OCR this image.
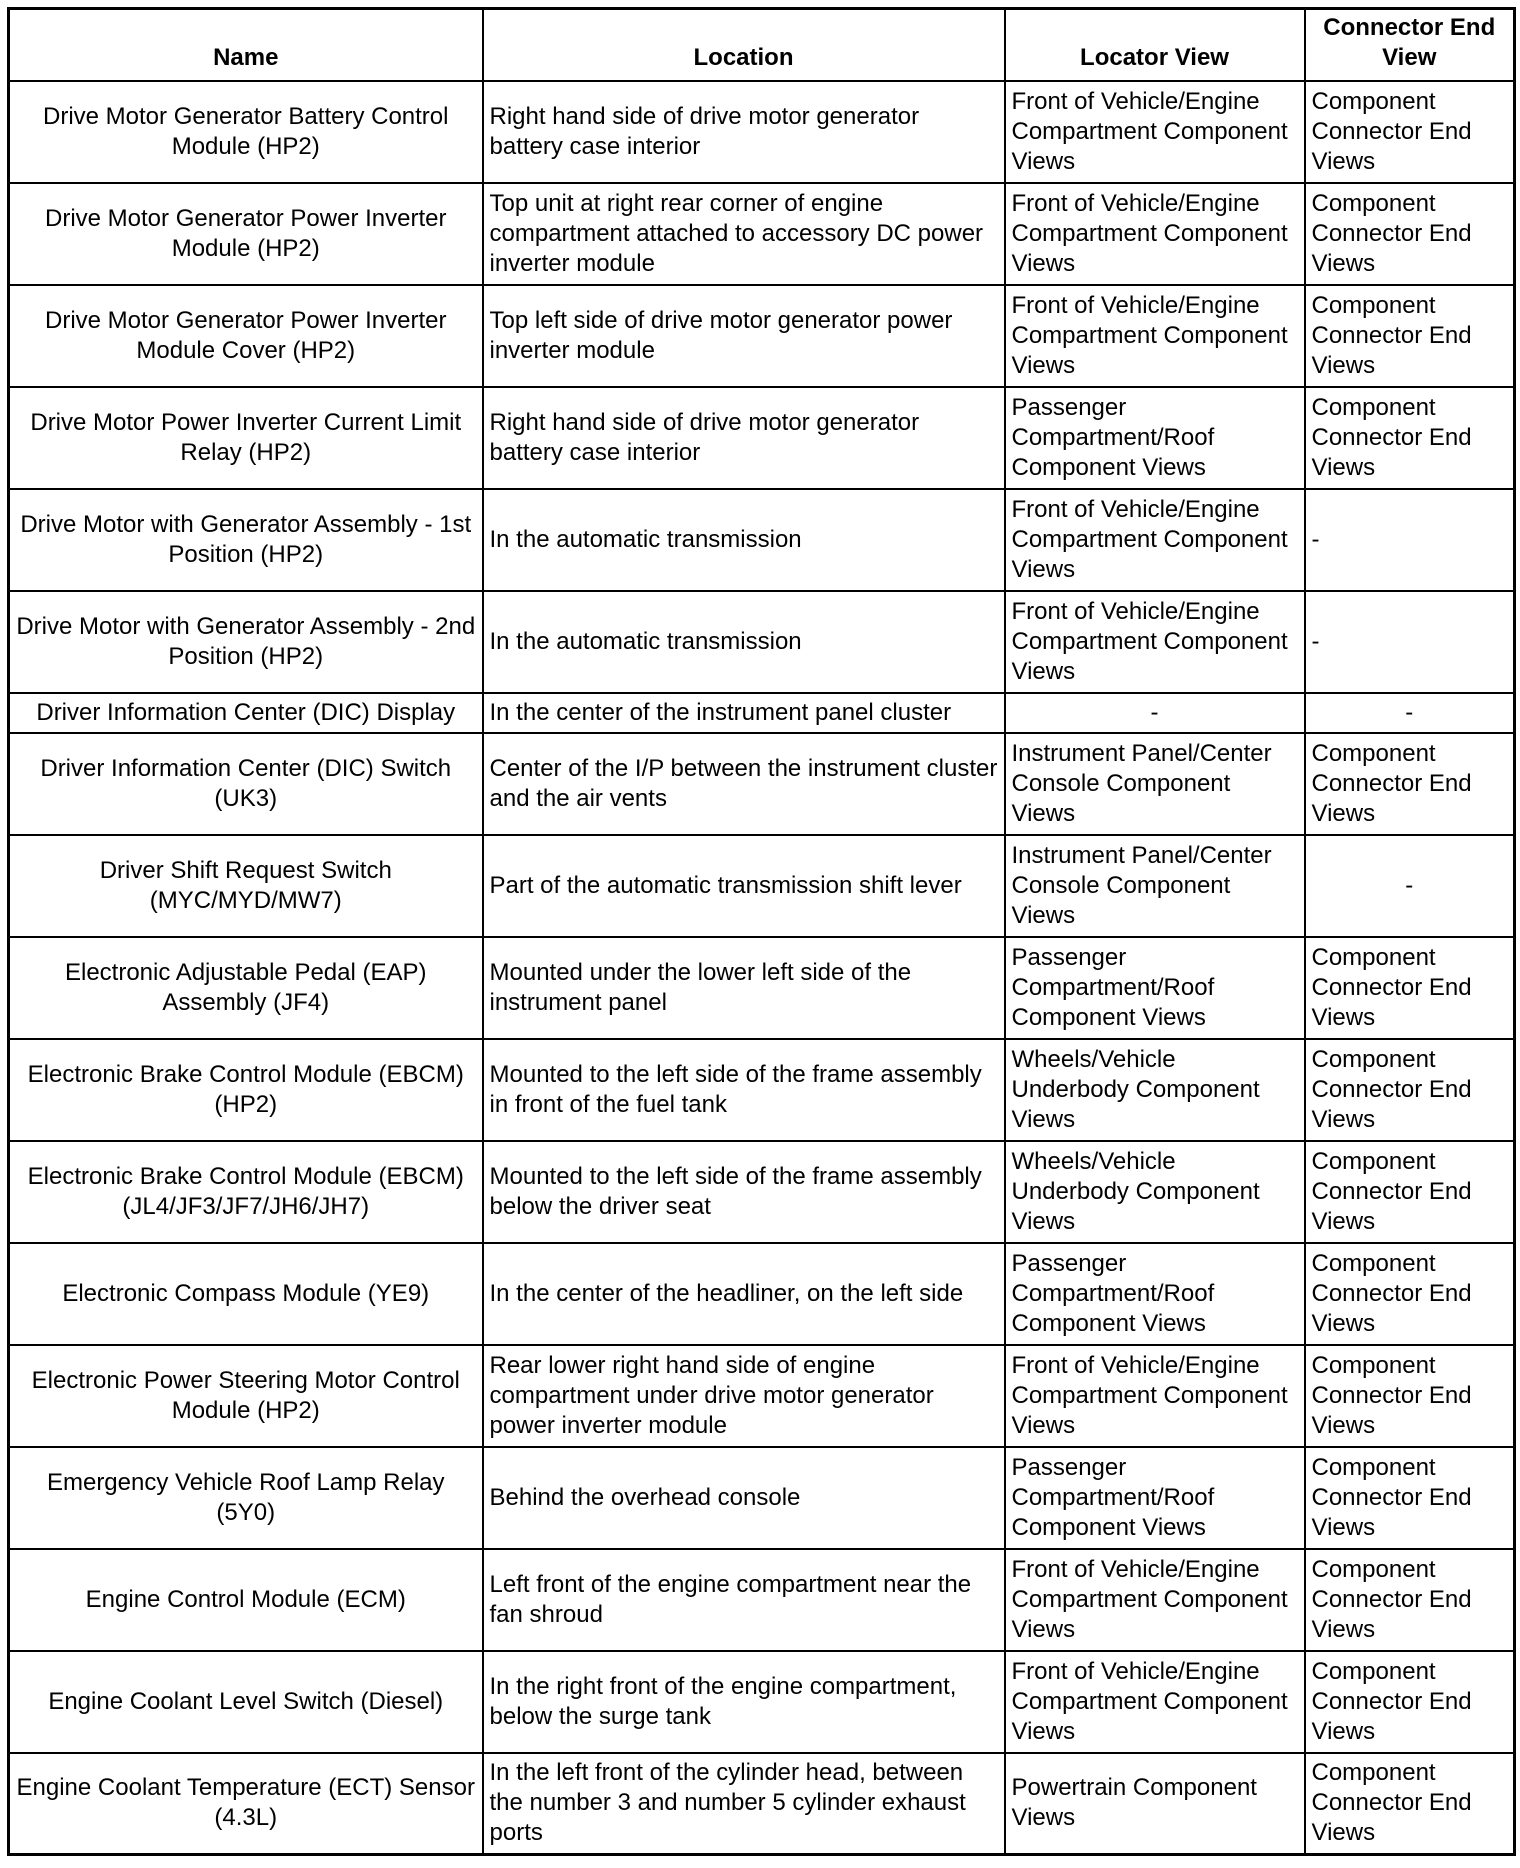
Name	Location	Locator View	Connector End View
Drive Motor Generator Battery Control Module (HP2)	Right hand side of drive motor generator battery case interior	Front of Vehicle/Engine Compartment Component Views	Component Connector End Views
Drive Motor Generator Power Inverter Module (HP2)	Top unit at right rear corner of engine compartment attached to accessory DC power inverter module	Front of Vehicle/Engine Compartment Component Views	Component Connector End Views
Drive Motor Generator Power Inverter Module Cover (HP2)	Top left side of drive motor generator power inverter module	Front of Vehicle/Engine Compartment Component Views	Component Connector End Views
Drive Motor Power Inverter Current Limit Relay (HP2)	Right hand side of drive motor generator battery case interior	Passenger Compartment/Roof Component Views	Component Connector End Views
Drive Motor with Generator Assembly - 1st Position (HP2)	In the automatic transmission	Front of Vehicle/Engine Compartment Component Views	-
Drive Motor with Generator Assembly - 2nd Position (HP2)	In the automatic transmission	Front of Vehicle/Engine Compartment Component Views	-
Driver Information Center (DIC) Display	In the center of the instrument panel cluster	-	-
Driver Information Center (DIC) Switch (UK3)	Center of the I/P between the instrument cluster and the air vents	Instrument Panel/Center Console Component Views	Component Connector End Views
Driver Shift Request Switch (MYC/MYD/MW7)	Part of the automatic transmission shift lever	Instrument Panel/Center Console Component Views	-
Electronic Adjustable Pedal (EAP) Assembly (JF4)	Mounted under the lower left side of the instrument panel	Passenger Compartment/Roof Component Views	Component Connector End Views
Electronic Brake Control Module (EBCM) (HP2)	Mounted to the left side of the frame assembly in front of the fuel tank	Wheels/Vehicle Underbody Component Views	Component Connector End Views
Electronic Brake Control Module (EBCM) (JL4/JF3/JF7/JH6/JH7)	Mounted to the left side of the frame assembly below the driver seat	Wheels/Vehicle Underbody Component Views	Component Connector End Views
Electronic Compass Module (YE9)	In the center of the headliner, on the left side	Passenger Compartment/Roof Component Views	Component Connector End Views
Electronic Power Steering Motor Control Module (HP2)	Rear lower right hand side of engine compartment under drive motor generator power inverter module	Front of Vehicle/Engine Compartment Component Views	Component Connector End Views
Emergency Vehicle Roof Lamp Relay (5Y0)	Behind the overhead console	Passenger Compartment/Roof Component Views	Component Connector End Views
Engine Control Module (ECM)	Left front of the engine compartment near the fan shroud	Front of Vehicle/Engine Compartment Component Views	Component Connector End Views
Engine Coolant Level Switch (Diesel)	In the right front of the engine compartment, below the surge tank	Front of Vehicle/Engine Compartment Component Views	Component Connector End Views
Engine Coolant Temperature (ECT) Sensor (4.3L)	In the left front of the cylinder head, between the number 3 and number 5 cylinder exhaust ports	Powertrain Component Views	Component Connector End Views
